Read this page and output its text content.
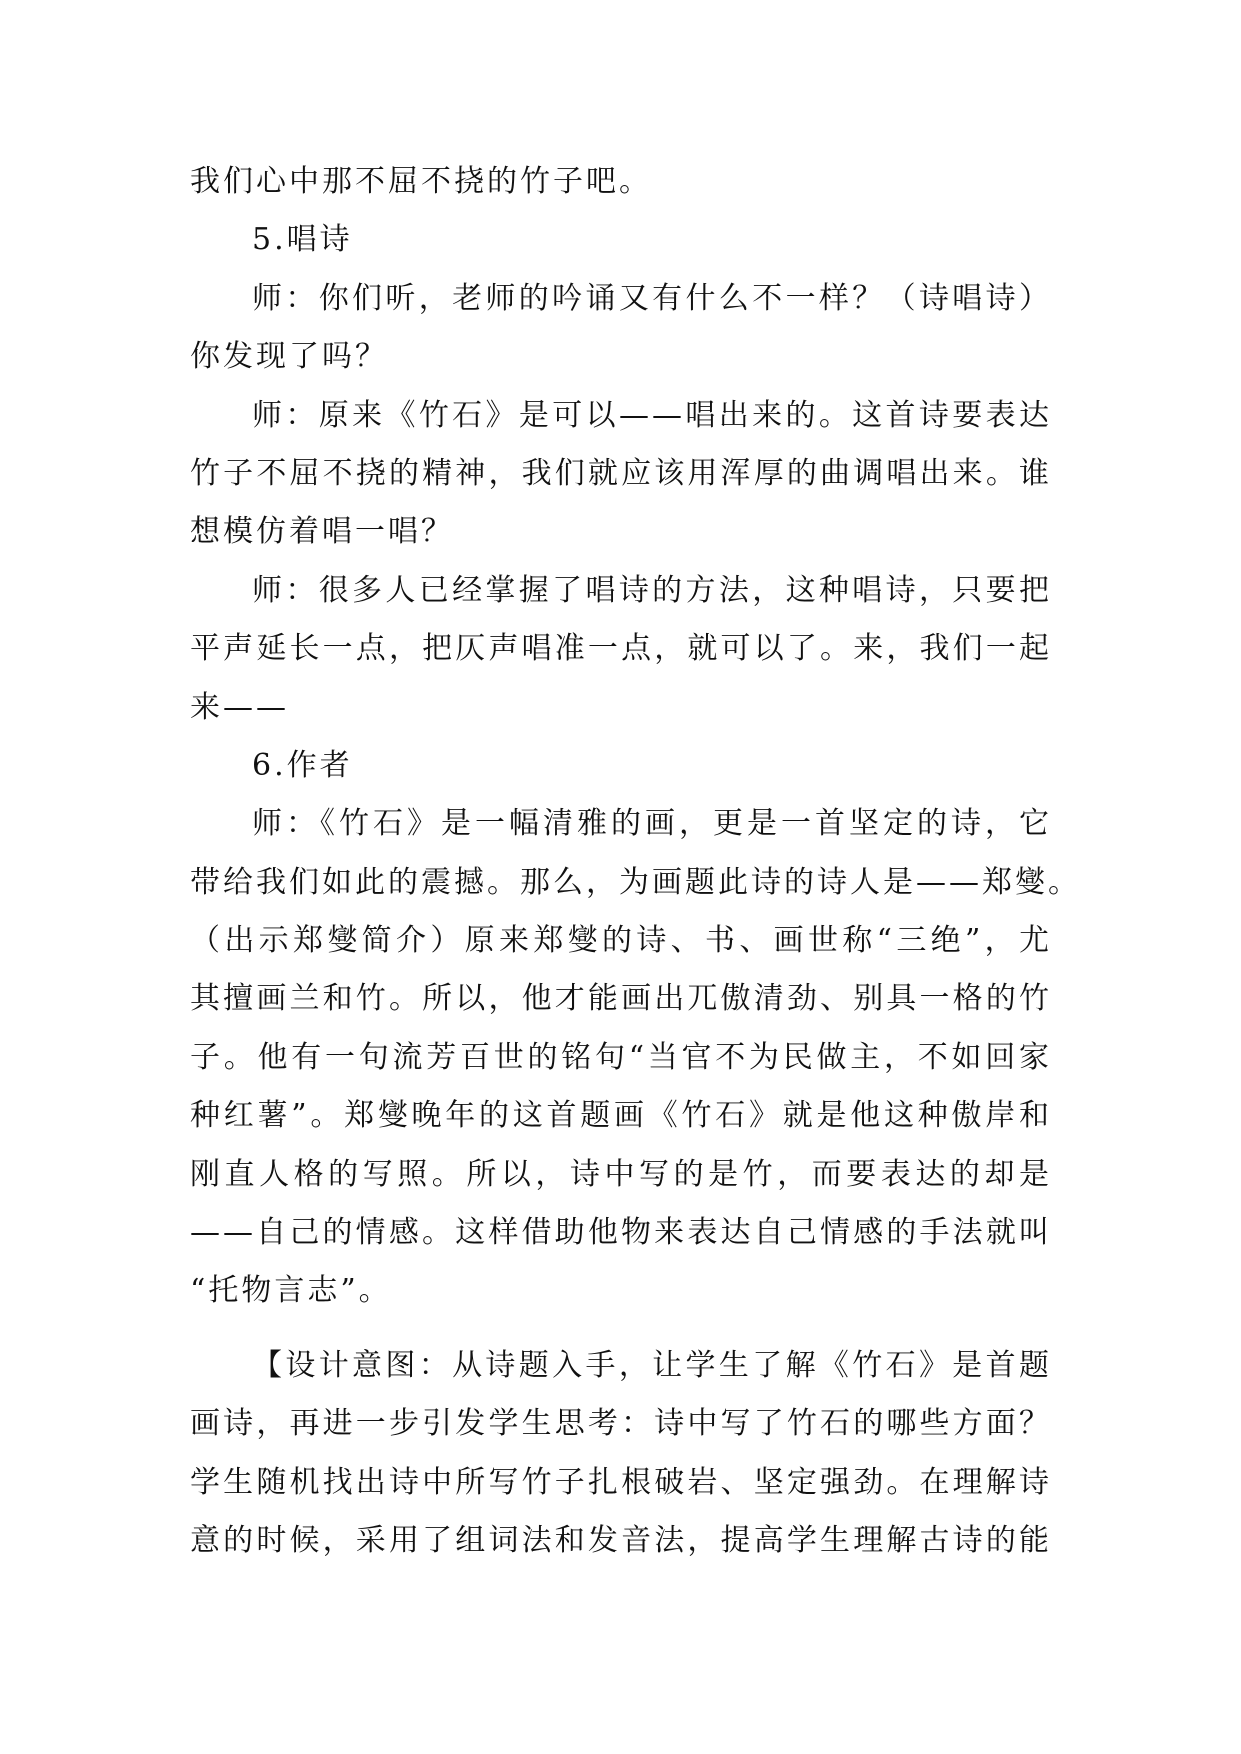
我们心中那不屈不挠的竹子吧。
5.唱诗
师：你们听，老师的吟诵又有什么不一样？（诗唱诗）
你发现了吗？
师：原来《竹石》是可以——唱出来的。这首诗要表达
竹子不屈不挠的精神，我们就应该用浑厚的曲调唱出来。谁
想模仿着唱一唱？
师：很多人已经掌握了唱诗的方法，这种唱诗，只要把
平声延长一点，把仄声唱准一点，就可以了。来，我们一起
来——
6.作者
师：《竹石》是一幅清雅的画，更是一首坚定的诗，它
带给我们如此的震撼。那么，为画题此诗的诗人是——郑燮。
（出示郑燮简介）原来郑燮的诗、书、画世称“三绝”，尤
其擅画兰和竹。所以，他才能画出兀傲清劲、别具一格的竹
子。他有一句流芳百世的铭句“当官不为民做主，不如回家
种红薯”。郑燮晚年的这首题画《竹石》就是他这种傲岸和
刚直人格的写照。所以，诗中写的是竹，而要表达的却是
——自己的情感。这样借助他物来表达自己情感的手法就叫
“托物言志”。
【设计意图：从诗题入手，让学生了解《竹石》是首题
画诗，再进一步引发学生思考：诗中写了竹石的哪些方面？
学生随机找出诗中所写竹子扎根破岩、坚定强劲。在理解诗
意的时候，采用了组词法和发音法，提高学生理解古诗的能
